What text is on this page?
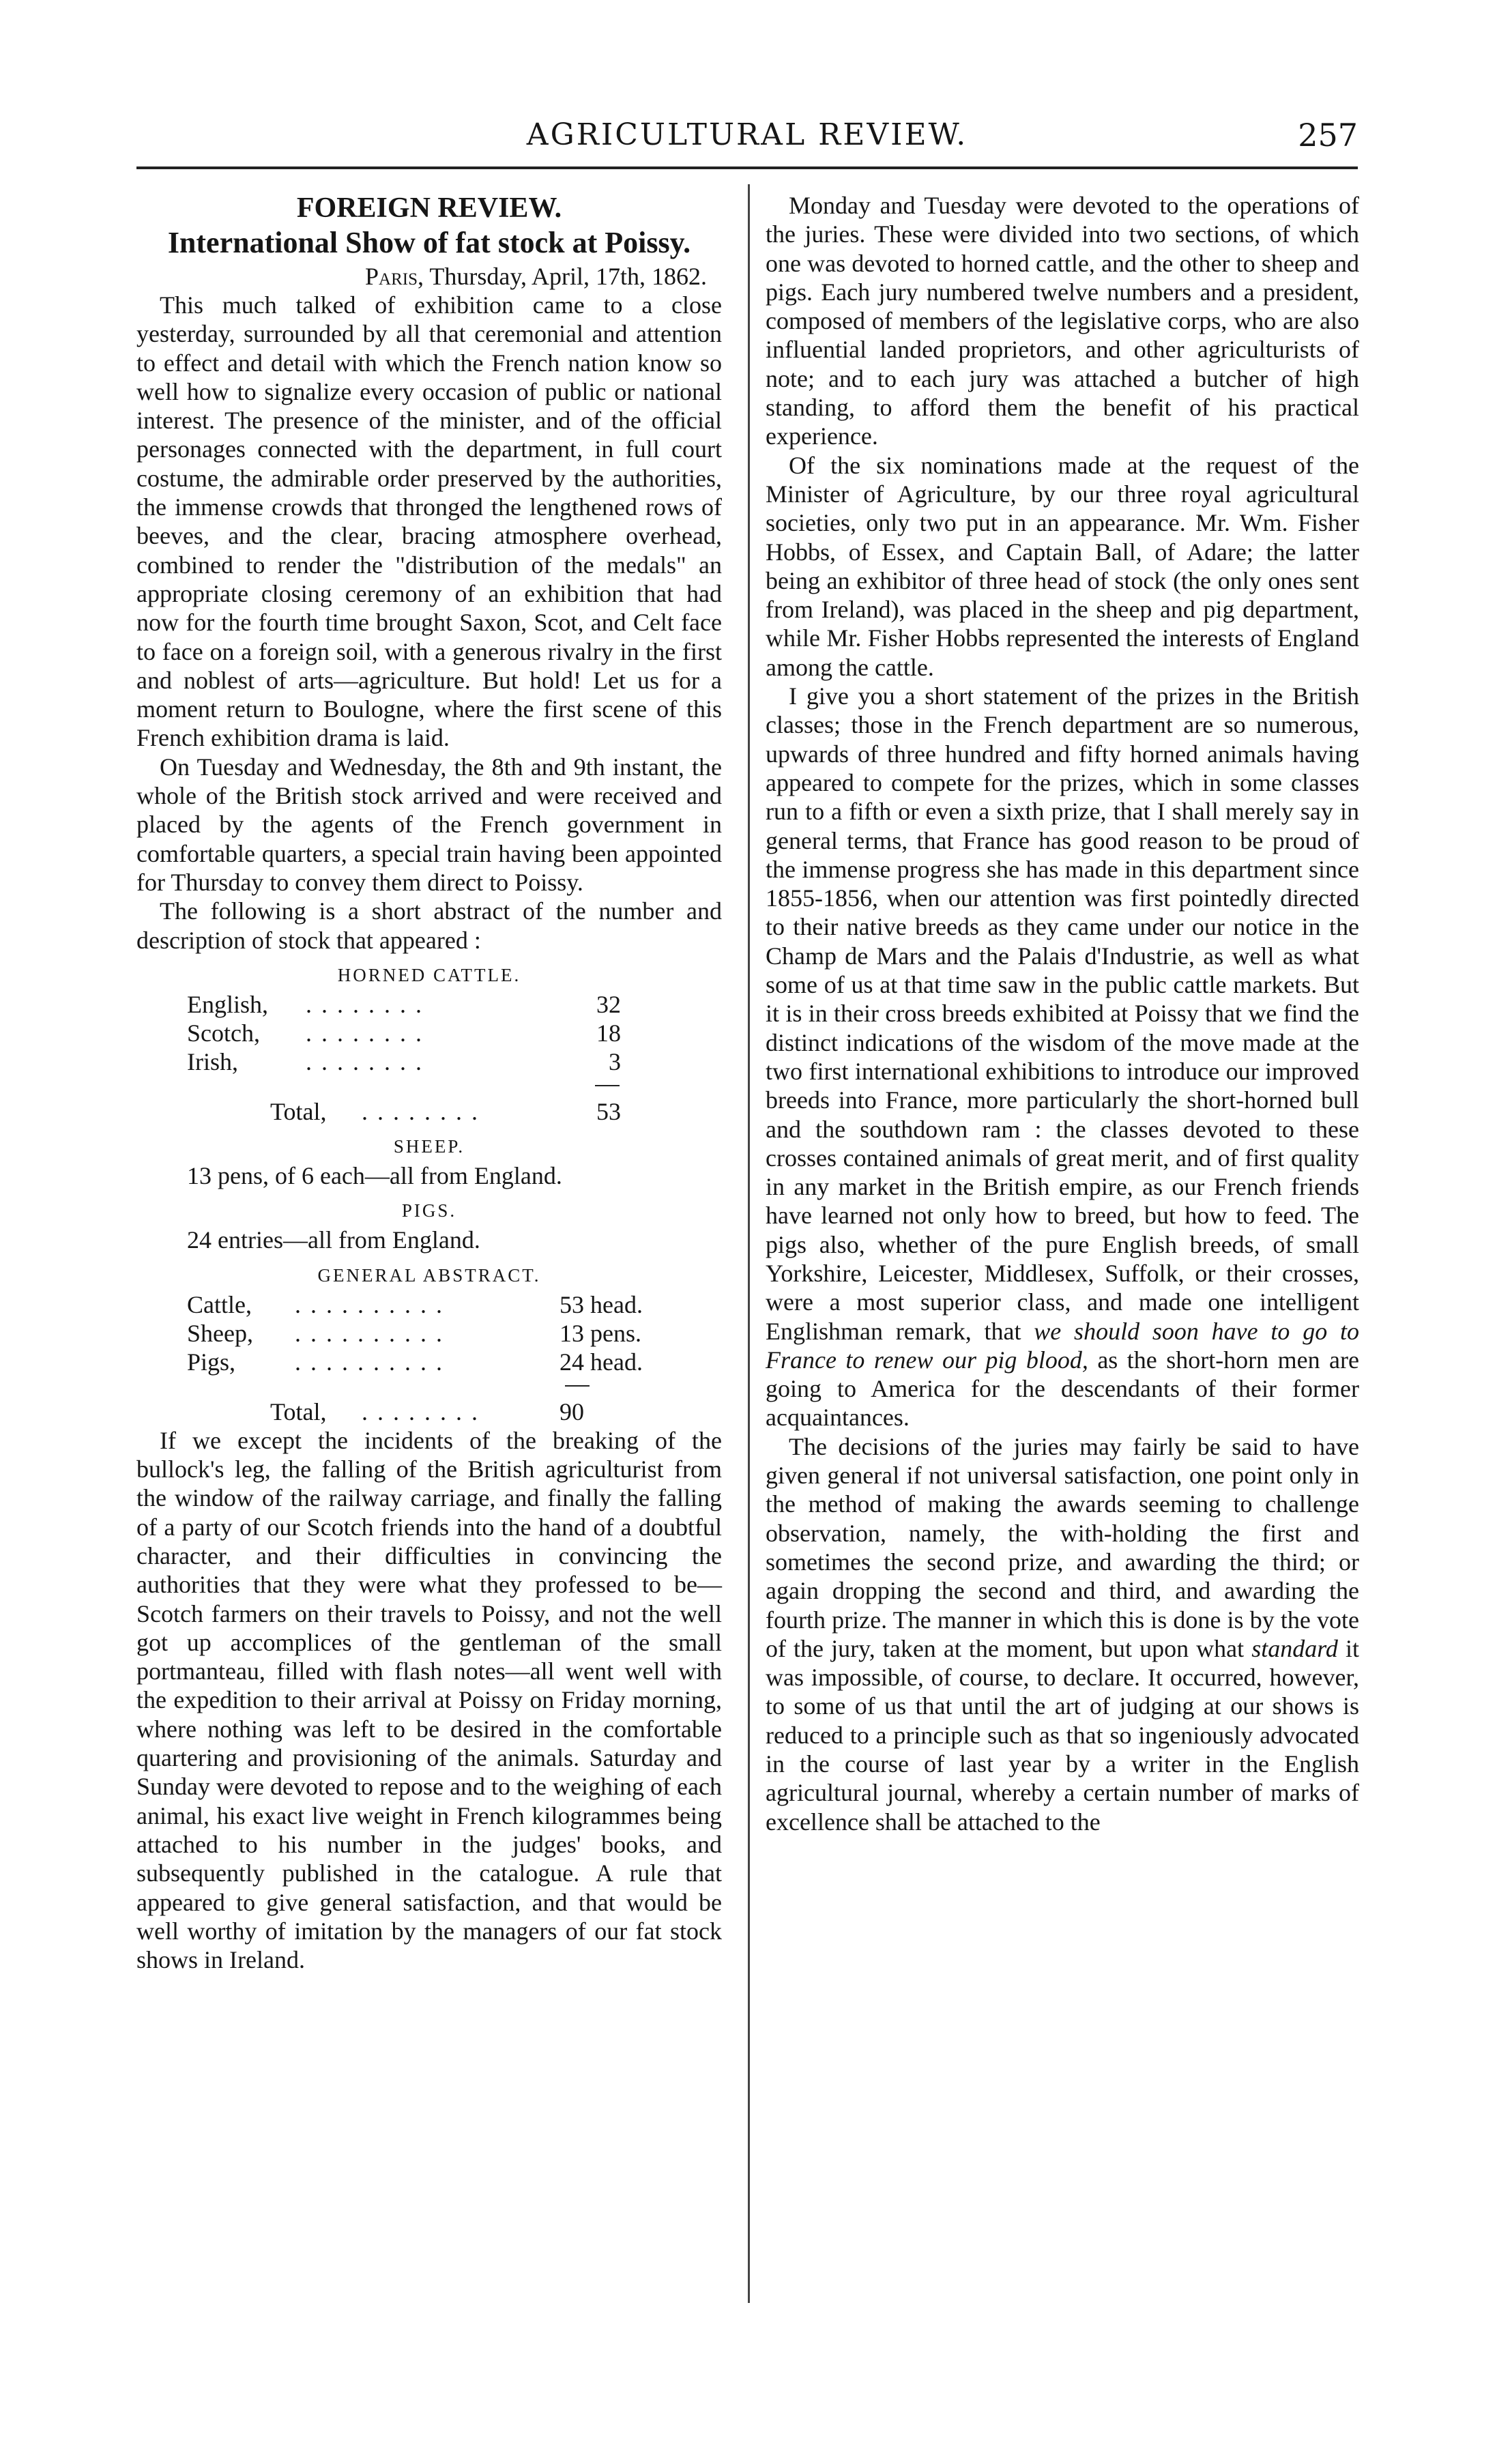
AGRICULTURAL REVIEW.	257
FOREIGN REVIEW.
International Show of fat stock at Poissy.
Paris, Thursday, April, 17th, 1862.

This much talked of exhibition came to a close yesterday, surrounded by all that ceremonial and attention to effect and detail with which the French nation know so well how to signalize every occasion of public or national interest. The presence of the minister, and of the official personages connected with the department, in full court costume, the admirable order preserved by the authorities, the immense crowds that thronged the lengthened rows of beeves, and the clear, bracing atmosphere overhead, combined to render the "distribution of the medals" an appropriate closing ceremony of an exhibition that had now for the fourth time brought Saxon, Scot, and Celt face to face on a foreign soil, with a generous rivalry in the first and noblest of arts—agriculture. But hold! Let us for a moment return to Boulogne, where the first scene of this French exhibition drama is laid.

On Tuesday and Wednesday, the 8th and 9th instant, the whole of the British stock arrived and were received and placed by the agents of the French government in comfortable quarters, a special train having been appointed for Thursday to convey them direct to Poissy.

The following is a short abstract of the number and description of stock that appeared :

HORNED CATTLE.
English, ........	32
Scotch, ........	18
Irish,	........	3
Total, ........	53
SHEEP.
13 pens, of 6 each—all from England.
PIGS.
24 entries—all from England.
GENERAL ABSTRACT.
Cattle, ..........	53 head.
Sheep, ..........	13 pens.
Pigs, ..........	24 head.
Total, ........	90

If we except the incidents of the breaking of the bullock's leg, the falling of the British agriculturist from the window of the railway carriage, and finally the falling of a party of our Scotch friends into the hand of a doubtful character, and their difficulties in convincing the authorities that they were what they professed to be—Scotch farmers on their travels to Poissy, and not the well got up accomplices of the gentleman of the small portmanteau, filled with flash notes—all went well with the expedition to their arrival at Poissy on Friday morning, where nothing was left to be desired in the comfortable quartering and provisioning of the animals. Saturday and Sunday were devoted to repose and to the weighing of each animal, his exact live weight in French kilogrammes being attached to his number in the judges' books, and subsequently published in the catalogue. A rule that appeared to give general satisfaction, and that would be well worthy of imitation by the managers of our fat stock shows in Ireland.

Monday and Tuesday were devoted to the operations of the juries. These were divided into two sections, of which one was devoted to horned cattle, and the other to sheep and pigs. Each jury numbered twelve numbers and a president, composed of members of the legislative corps, who are also influential landed proprietors, and other agriculturists of note; and to each jury was attached a butcher of high standing, to afford them the benefit of his practical experience.

Of the six nominations made at the request of the Minister of Agriculture, by our three royal agricultural societies, only two put in an appearance. Mr. Wm. Fisher Hobbs, of Essex, and Captain Ball, of Adare; the latter being an exhibitor of three head of stock (the only ones sent from Ireland), was placed in the sheep and pig department, while Mr. Fisher Hobbs represented the interests of England among the cattle.

I give you a short statement of the prizes in the British classes; those in the French department are so numerous, upwards of three hundred and fifty horned animals having appeared to compete for the prizes, which in some classes run to a fifth or even a sixth prize, that I shall merely say in general terms, that France has good reason to be proud of the immense progress she has made in this department since 1855-1856, when our attention was first pointedly directed to their native breeds as they came under our notice in the Champ de Mars and the Palais d'Industrie, as well as what some of us at that time saw in the public cattle markets. But it is in their cross breeds exhibited at Poissy that we find the distinct indications of the wisdom of the move made at the two first international exhibitions to introduce our improved breeds into France, more particularly the short-horned bull and the southdown ram : the classes devoted to these crosses contained animals of great merit, and of first quality in any market in the British empire, as our French friends have learned not only how to breed, but how to feed. The pigs also, whether of the pure English breeds, of small Yorkshire, Leicester, Middlesex, Suffolk, or their crosses, were a most superior class, and made one intelligent Englishman remark, that we should soon have to go to France to renew our pig blood, as the short-horn men are going to America for the descendants of their former acquaintances.

The decisions of the juries may fairly be said to have given general if not universal satisfaction, one point only in the method of making the awards seeming to challenge observation, namely, the with-holding the first and sometimes the second prize, and awarding the third; or again dropping the second and third, and awarding the fourth prize. The manner in which this is done is by the vote of the jury, taken at the moment, but upon what standard it was impossible, of course, to declare. It occurred, however, to some of us that until the art of judging at our shows is reduced to a principle such as that so ingeniously advocated in the course of last year by a writer in the English agricultural journal, whereby a certain number of marks of excellence shall be attached to the
